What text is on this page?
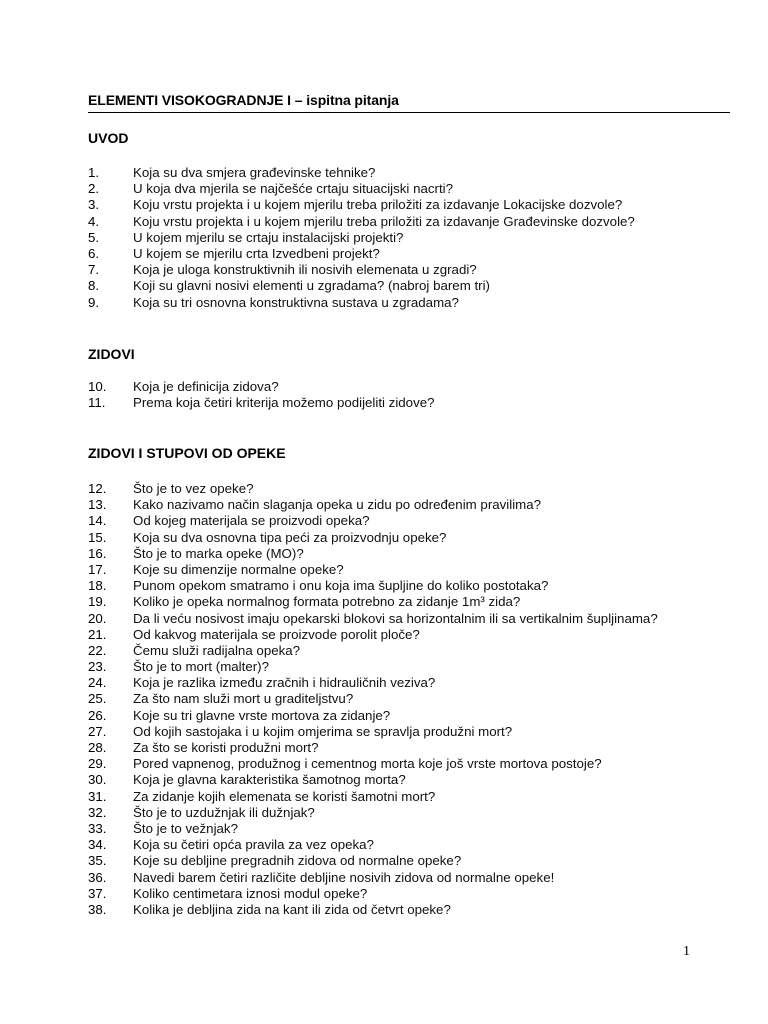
ELEMENTI VISOKOGRADNJE I – ispitna pitanja
UVOD
1.	Koja su dva smjera građevinske tehnike?
2.	U koja dva mjerila se najčešće crtaju situacijski nacrti?
3.	Koju vrstu projekta i u kojem mjerilu treba priložiti za izdavanje Lokacijske dozvole?
4.	Koju vrstu projekta i u kojem mjerilu treba priložiti za izdavanje Građevinske dozvole?
5.	U kojem mjerilu se crtaju instalacijski projekti?
6.	U kojem se mjerilu crta Izvedbeni projekt?
7.	Koja je uloga konstruktivnih ili nosivih elemenata u zgradi?
8.	Koji su glavni nosivi elementi u zgradama? (nabroj barem tri)
9.	Koja su tri osnovna konstruktivna sustava u zgradama?
ZIDOVI
10.	Koja je definicija zidova?
11.	Prema koja četiri kriterija možemo podijeliti zidove?
ZIDOVI I STUPOVI OD OPEKE
12.	Što je to vez opeke?
13.	Kako nazivamo način slaganja opeka u zidu po određenim pravilima?
14.	Od kojeg materijala se proizvodi opeka?
15.	Koja su dva osnovna tipa peći za proizvodnju opeke?
16.	Što je to marka opeke (MO)?
17.	Koje su dimenzije normalne opeke?
18.	Punom opekom smatramo i onu koja ima šupljine do koliko postotaka?
19.	Koliko je opeka normalnog formata potrebno za zidanje 1m³ zida?
20.	Da li veću nosivost imaju opekarski blokovi sa horizontalnim ili sa vertikalnim šupljinama?
21.	Od kakvog materijala se proizvode porolit ploče?
22.	Čemu služi radijalna opeka?
23.	Što je to mort (malter)?
24.	Koja je razlika između zračnih i hidrauličnih veziva?
25.	Za što nam služi mort u graditeljstvu?
26.	Koje su tri glavne vrste mortova za zidanje?
27.	Od kojih sastojaka i u kojim omjerima se spravlja produžni mort?
28.	Za što se koristi produžni mort?
29.	Pored vapnenog, produžnog i cementnog morta koje još vrste mortova postoje?
30.	Koja je glavna karakteristika šamotnog morta?
31.	Za zidanje kojih elemenata se koristi šamotni mort?
32.	Što je to uzdužnjak ili dužnjak?
33.	Što je to vežnjak?
34.	Koja su četiri opća pravila za vez opeka?
35.	Koje su debljine pregradnih zidova od normalne opeke?
36.	Navedi barem četiri različite debljine nosivih zidova od normalne opeke!
37.	Koliko centimetara iznosi modul opeke?
38.	Kolika je debljina zida na kant ili zida od četvrt opeke?
1
